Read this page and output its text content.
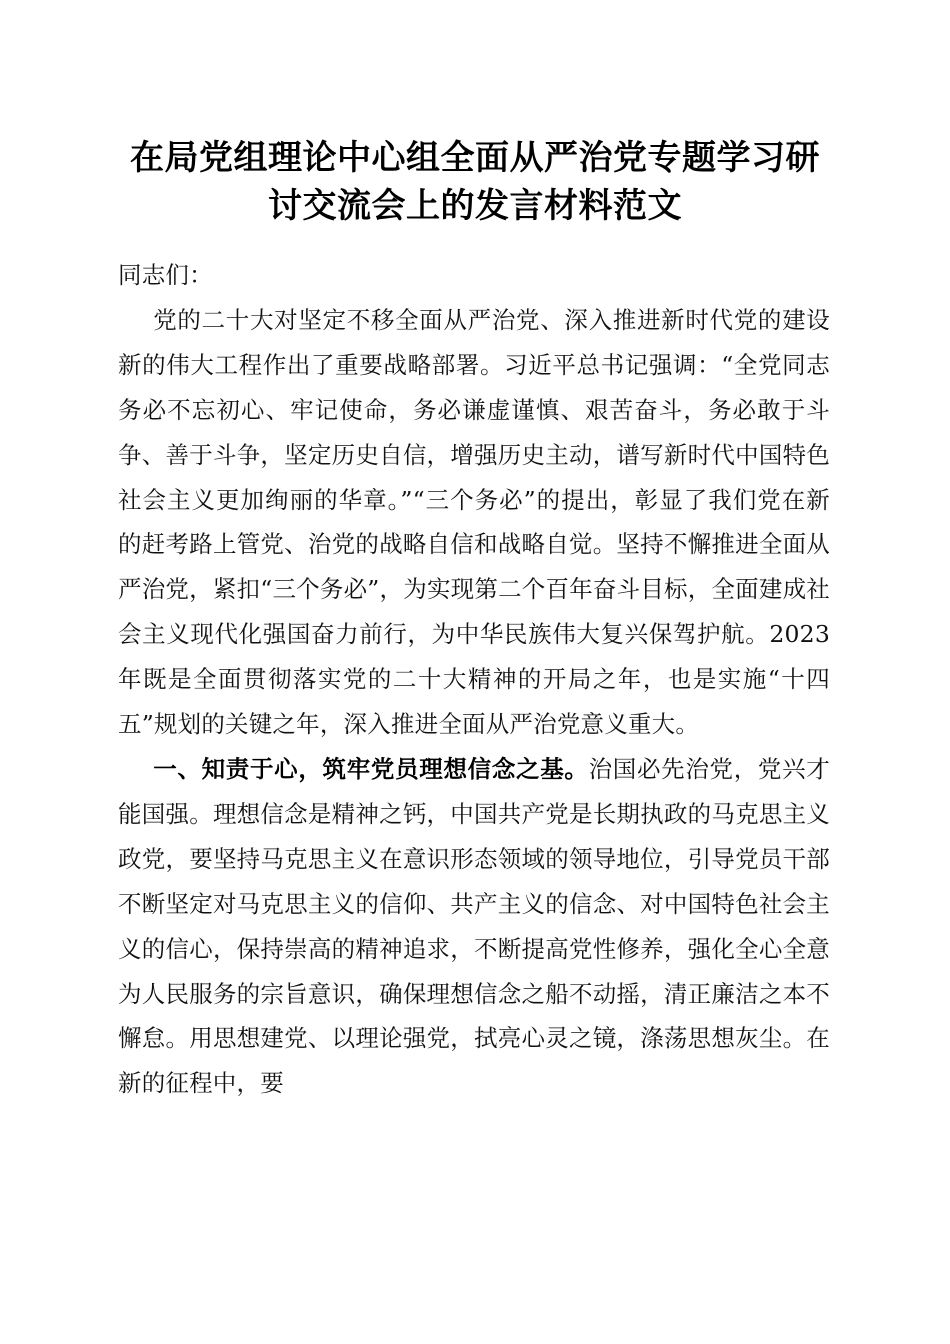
在局党组理论中心组全面从严治党专题学习研
讨交流会上的发言材料范文

同志们：

党的二十大对坚定不移全面从严治党、深入推进新时代党的建设新的伟大工程作出了重要战略部署。习近平总书记强调：“全党同志务必不忘初心、牢记使命，务必谦虚谨慎、艰苦奋斗，务必敢于斗争、善于斗争，坚定历史自信，增强历史主动，谱写新时代中国特色社会主义更加绚丽的华章。”“三个务必”的提出，彰显了我们党在新的赶考路上管党、治党的战略自信和战略自觉。坚持不懈推进全面从严治党，紧扣“三个务必”，为实现第二个百年奋斗目标，全面建成社会主义现代化强国奋力前行，为中华民族伟大复兴保驾护航。2023年既是全面贯彻落实党的二十大精神的开局之年，也是实施“十四五”规划的关键之年，深入推进全面从严治党意义重大。

一、知责于心，筑牢党员理想信念之基。治国必先治党，党兴才能国强。理想信念是精神之钙，中国共产党是长期执政的马克思主义政党，要坚持马克思主义在意识形态领域的领导地位，引导党员干部不断坚定对马克思主义的信仰、共产主义的信念、对中国特色社会主义的信心，保持崇高的精神追求，不断提高党性修养，强化全心全意为人民服务的宗旨意识，确保理想信念之船不动摇，清正廉洁之本不懈怠。用思想建党、以理论强党，拭亮心灵之镜，涤荡思想灰尘。在新的征程中，要
